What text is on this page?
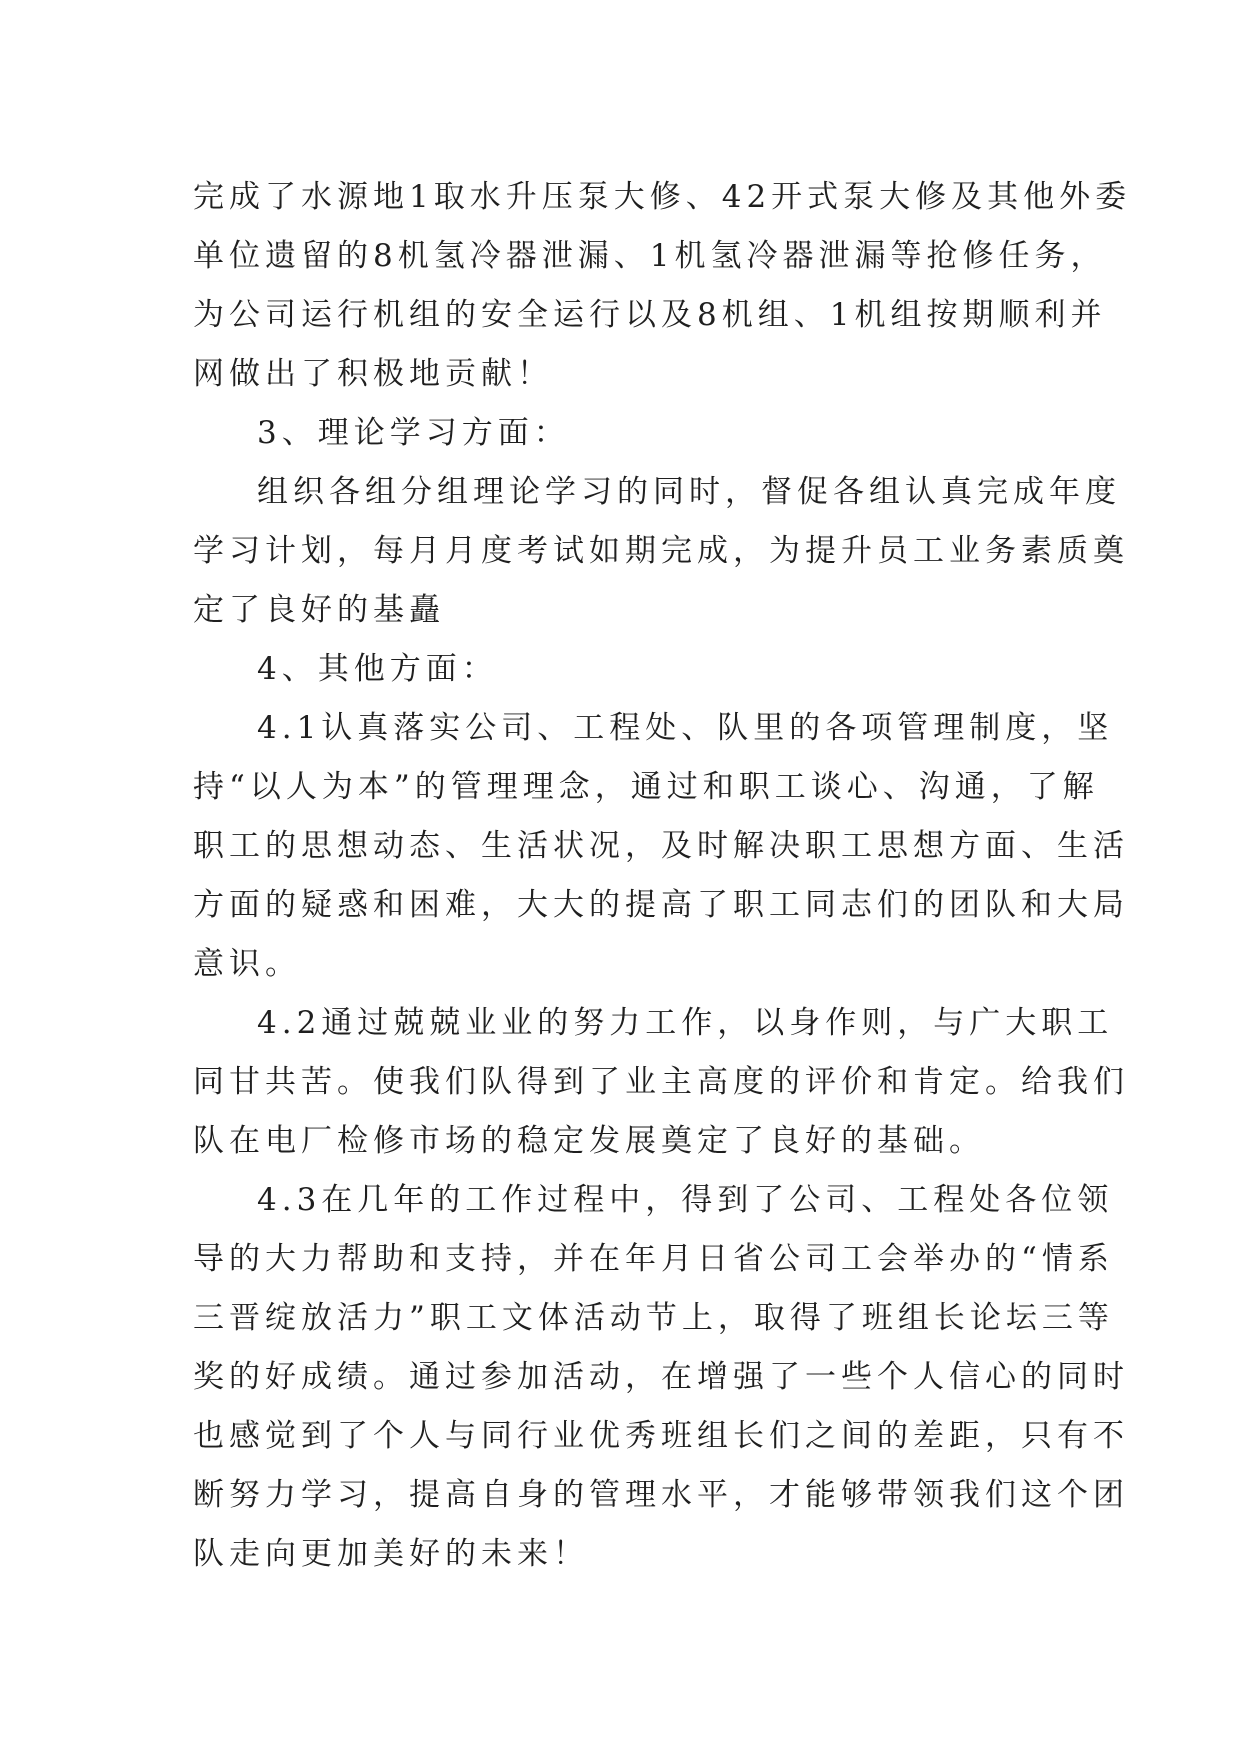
完成了水源地1取水升压泵大修、42开式泵大修及其他外委
单位遗留的8机氢冷器泄漏、1机氢冷器泄漏等抢修任务，
为公司运行机组的安全运行以及8机组、1机组按期顺利并
网做出了积极地贡献！
3、理论学习方面：
组织各组分组理论学习的同时，督促各组认真完成年度
学习计划，每月月度考试如期完成，为提升员工业务素质奠
定了良好的基矗
4、其他方面：
4.1认真落实公司、工程处、队里的各项管理制度，坚
持“以人为本”的管理理念，通过和职工谈心、沟通，了解
职工的思想动态、生活状况，及时解决职工思想方面、生活
方面的疑惑和困难，大大的提高了职工同志们的团队和大局
意识。
4.2通过兢兢业业的努力工作，以身作则，与广大职工
同甘共苦。使我们队得到了业主高度的评价和肯定。给我们
队在电厂检修市场的稳定发展奠定了良好的基础。
4.3在几年的工作过程中，得到了公司、工程处各位领
导的大力帮助和支持，并在年月日省公司工会举办的“情系
三晋绽放活力”职工文体活动节上，取得了班组长论坛三等
奖的好成绩。通过参加活动，在增强了一些个人信心的同时
也感觉到了个人与同行业优秀班组长们之间的差距，只有不
断努力学习，提高自身的管理水平，才能够带领我们这个团
队走向更加美好的未来！
